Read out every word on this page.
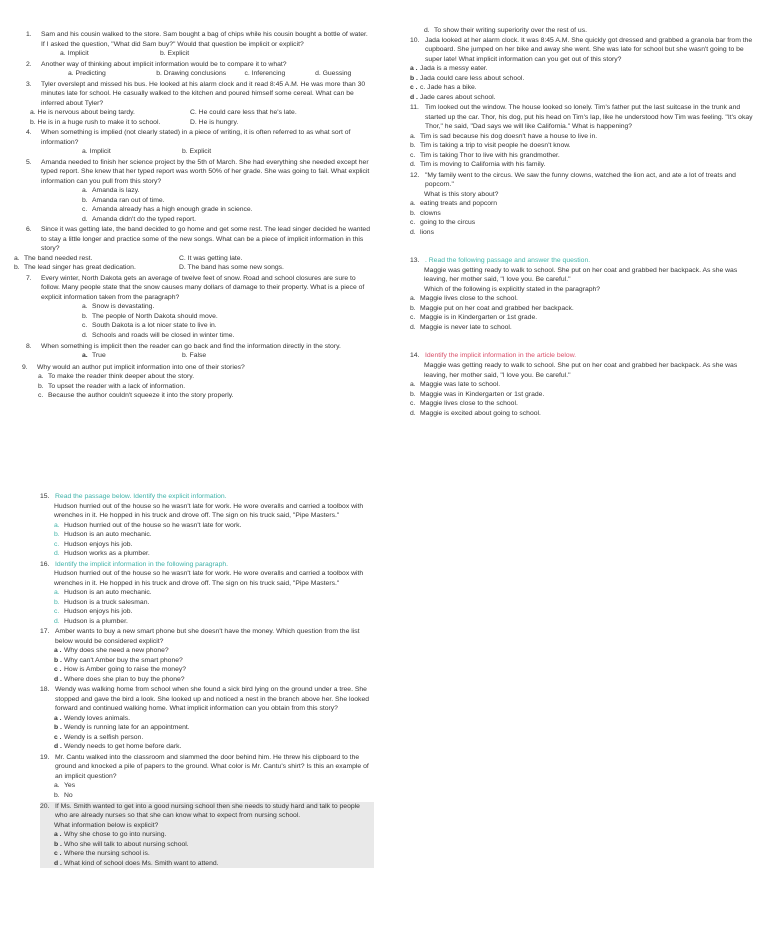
1.	Sam and his cousin walked to the store. Sam bought a bag of chips while his cousin bought a bottle of water. If I asked the question, "What did Sam buy?" Would that question be implicit or explicit?
a. Implicit	b. Explicit
2.	Another way of thinking about implicit information would be to compare it to what?
a. Predicting	b. Drawing conclusions	c. Inferencing	d. Guessing
3.	Tyler overslept and missed his bus. He looked at his alarm clock and it read 8:45 A.M. He was more than 30 minutes late for school. He casually walked to the kitchen and poured himself some cereal. What can be inferred about Tyler?
a. He is nervous about being tardy.	C. He could care less that he's late.
b. He is in a huge rush to make it to school.	D. He is hungry.
4.	When something is implied (not clearly stated) in a piece of writing, it is often referred to as what sort of information?
a. Implicit	b. Explicit
5.	Amanda needed to finish her science project by the 5th of March. She had everything she needed except her typed report. She knew that her typed report was worth 50% of her grade. She was going to fail. What explicit information can you pull from this story?
a. Amanda is lazy.
b. Amanda ran out of time.
c. Amanda already has a high enough grade in science.
d. Amanda didn't do the typed report.
6.	Since it was getting late, the band decided to go home and get some rest. The lead singer decided he wanted to stay a little longer and practice some of the new songs. What can be a piece of implicit information in this story?
a. The band needed rest.	C. It was getting late.
b. The lead singer has great dedication.	D. The band has some new songs.
7.	Every winter, North Dakota gets an average of twelve feet of snow. Road and school closures are sure to follow. Many people state that the snow causes many dollars of damage to their property. What is a piece of explicit information taken from the paragraph?
a. Snow is devastating.
b. The people of North Dakota should move.
c. South Dakota is a lot nicer state to live in.
d. Schools and roads will be closed in winter time.
8.	When something is implicit then the reader can go back and find the information directly in the story.
a. True	b. False
9.	Why would an author put implicit information into one of their stories?
a. To make the reader think deeper about the story.
b. To upset the reader with a lack of information.
c. Because the author couldn't squeeze it into the story properly.
d. To show their writing superiority over the rest of us.
10. Jada looked at her alarm clock. It was 8:45 A.M. She quickly got dressed and grabbed a granola bar from the cupboard. She jumped on her bike and away she went. She was late for school but she wasn't going to be super late! What implicit information can you get out of this story?
a . Jada is a messy eater.
b . Jada could care less about school.
c . c. Jade has a bike.
d . Jade cares about school.
11. Tim looked out the window. The house looked so lonely. Tim's father put the last suitcase in the trunk and started up the car. Thor, his dog, put his head on Tim's lap, like he understood how Tim was feeling. "It's okay Thor," he said, "Dad says we will like California." What is happening?
a. Tim is sad because his dog doesn't have a house to live in.
b. Tim is taking a trip to visit people he doesn't know.
c. Tim is taking Thor to live with his grandmother.
d. Tim is moving to California with his family.
12. "My family went to the circus. We saw the funny clowns, watched the lion act, and ate a lot of treats and popcorn."
What is this story about?
a. eating treats and popcorn
b. clowns
c. going to the circus
d. lions
13. . Read the following passage and answer the question.
Maggie was getting ready to walk to school. She put on her coat and grabbed her backpack. As she was leaving, her mother said, "I love you. Be careful."
Which of the following is explicitly stated in the paragraph?
a. Maggie lives close to the school.
b. Maggie put on her coat and grabbed her backpack.
c. Maggie is in Kindergarten or 1st grade.
d. Maggie is never late to school.
14. Identify the implicit information in the article below.
Maggie was getting ready to walk to school. She put on her coat and grabbed her backpack. As she was leaving, her mother said, "I love you. Be careful."
a. Maggie was late to school.
b. Maggie was in Kindergarten or 1st grade.
c. Maggie lives close to the school.
d. Maggie is excited about going to school.
15. Read the passage below. Identify the explicit information.
Hudson hurried out of the house so he wasn't late for work. He wore overalls and carried a toolbox with wrenches in it. He hopped in his truck and drove off. The sign on his truck said, "Pipe Masters."
a. Hudson hurried out of the house so he wasn't late for work.
b. Hudson is an auto mechanic.
c. Hudson enjoys his job.
d. Hudson works as a plumber.
16. Identify the implicit information in the following paragraph.
Hudson hurried out of the house so he wasn't late for work. He wore overalls and carried a toolbox with wrenches in it. He hopped in his truck and drove off. The sign on his truck said, "Pipe Masters."
a. Hudson is an auto mechanic.
b. Hudson is a truck salesman.
c. Hudson enjoys his job.
d. Hudson is a plumber.
17. Amber wants to buy a new smart phone but she doesn't have the money. Which question from the list below would be considered explicit?
a . Why does she need a new phone?
b . Why can't Amber buy the smart phone?
c . How is Amber going to raise the money?
d . Where does she plan to buy the phone?
18. Wendy was walking home from school when she found a sick bird lying on the ground under a tree. She stopped and gave the bird a look. She looked up and noticed a nest in the branch above her. She looked forward and continued walking home. What implicit information can you obtain from this story?
a . Wendy loves animals.
b . Wendy is running late for an appointment.
c . Wendy is a selfish person.
d . Wendy needs to get home before dark.
19. Mr. Cantu walked into the classroom and slammed the door behind him. He threw his clipboard to the ground and knocked a pile of papers to the ground. What color is Mr. Cantu's shirt? Is this an example of an implicit question?
a. Yes
b. No
20. If Ms. Smith wanted to get into a good nursing school then she needs to study hard and talk to people who are already nurses so that she can know what to expect from nursing school.
What information below is explicit?
a . Why she chose to go into nursing.
b . Who she will talk to about nursing school.
c . Where the nursing school is.
d . What kind of school does Ms. Smith want to attend.
